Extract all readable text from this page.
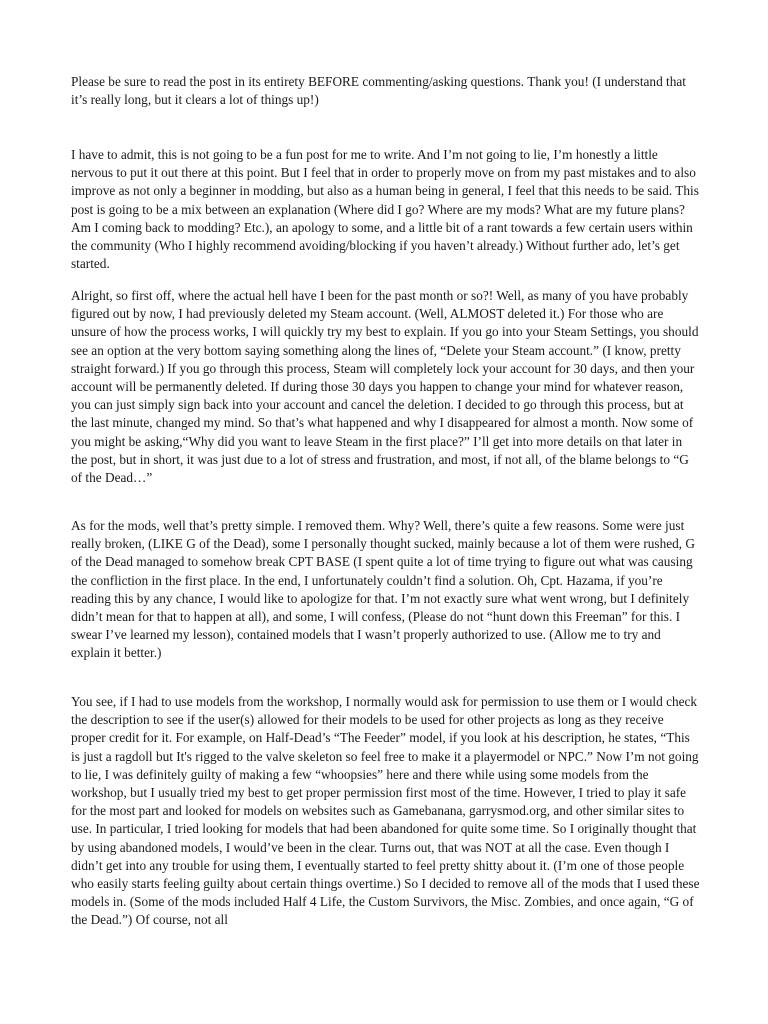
Please be sure to read the post in its entirety BEFORE commenting/asking questions. Thank you! (I understand that it’s really long, but it clears a lot of things up!)

I have to admit, this is not going to be a fun post for me to write. And I’m not going to lie, I’m honestly a little nervous to put it out there at this point. But I feel that in order to properly move on from my past mistakes and to also improve as not only a beginner in modding, but also as a human being in general, I feel that this needs to be said. This post is going to be a mix between an explanation (Where did I go? Where are my mods? What are my future plans? Am I coming back to modding? Etc.), an apology to some, and a little bit of a rant towards a few certain users within the community (Who I highly recommend avoiding/blocking if you haven’t already.) Without further ado, let’s get started.

Alright, so first off, where the actual hell have I been for the past month or so?! Well, as many of you have probably figured out by now, I had previously deleted my Steam account. (Well, ALMOST deleted it.) For those who are unsure of how the process works, I will quickly try my best to explain. If you go into your Steam Settings, you should see an option at the very bottom saying something along the lines of, “Delete your Steam account.” (I know, pretty straight forward.) If you go through this process, Steam will completely lock your account for 30 days, and then your account will be permanently deleted. If during those 30 days you happen to change your mind for whatever reason, you can just simply sign back into your account and cancel the deletion. I decided to go through this process, but at the last minute, changed my mind. So that’s what happened and why I disappeared for almost a month. Now some of you might be asking,“Why did you want to leave Steam in the first place?” I’ll get into more details on that later in the post, but in short, it was just due to a lot of stress and frustration, and most, if not all, of the blame belongs to “G of the Dead…”

As for the mods, well that’s pretty simple. I removed them. Why? Well, there’s quite a few reasons. Some were just really broken, (LIKE G of the Dead), some I personally thought sucked, mainly because a lot of them were rushed, G of the Dead managed to somehow break CPT BASE (I spent quite a lot of time trying to figure out what was causing the confliction in the first place. In the end, I unfortunately couldn’t find a solution. Oh, Cpt. Hazama, if you’re reading this by any chance, I would like to apologize for that. I’m not exactly sure what went wrong, but I definitely didn’t mean for that to happen at all), and some, I will confess, (Please do not “hunt down this Freeman” for this. I swear I’ve learned my lesson), contained models that I wasn’t properly authorized to use. (Allow me to try and explain it better.)

You see, if I had to use models from the workshop, I normally would ask for permission to use them or I would check the description to see if the user(s) allowed for their models to be used for other projects as long as they receive proper credit for it. For example, on Half-Dead’s “The Feeder” model, if you look at his description, he states, “This is just a ragdoll but It's rigged to the valve skeleton so feel free to make it a playermodel or NPC.” Now I’m not going to lie, I was definitely guilty of making a few “whoopsies” here and there while using some models from the workshop, but I usually tried my best to get proper permission first most of the time. However, I tried to play it safe for the most part and looked for models on websites such as Gamebanana, garrysmod.org, and other similar sites to use. In particular, I tried looking for models that had been abandoned for quite some time. So I originally thought that by using abandoned models, I would’ve been in the clear. Turns out, that was NOT at all the case. Even though I didn’t get into any trouble for using them, I eventually started to feel pretty shitty about it. (I’m one of those people who easily starts feeling guilty about certain things overtime.) So I decided to remove all of the mods that I used these models in. (Some of the mods included Half 4 Life, the Custom Survivors, the Misc. Zombies, and once again, “G of the Dead.”) Of course, not all
